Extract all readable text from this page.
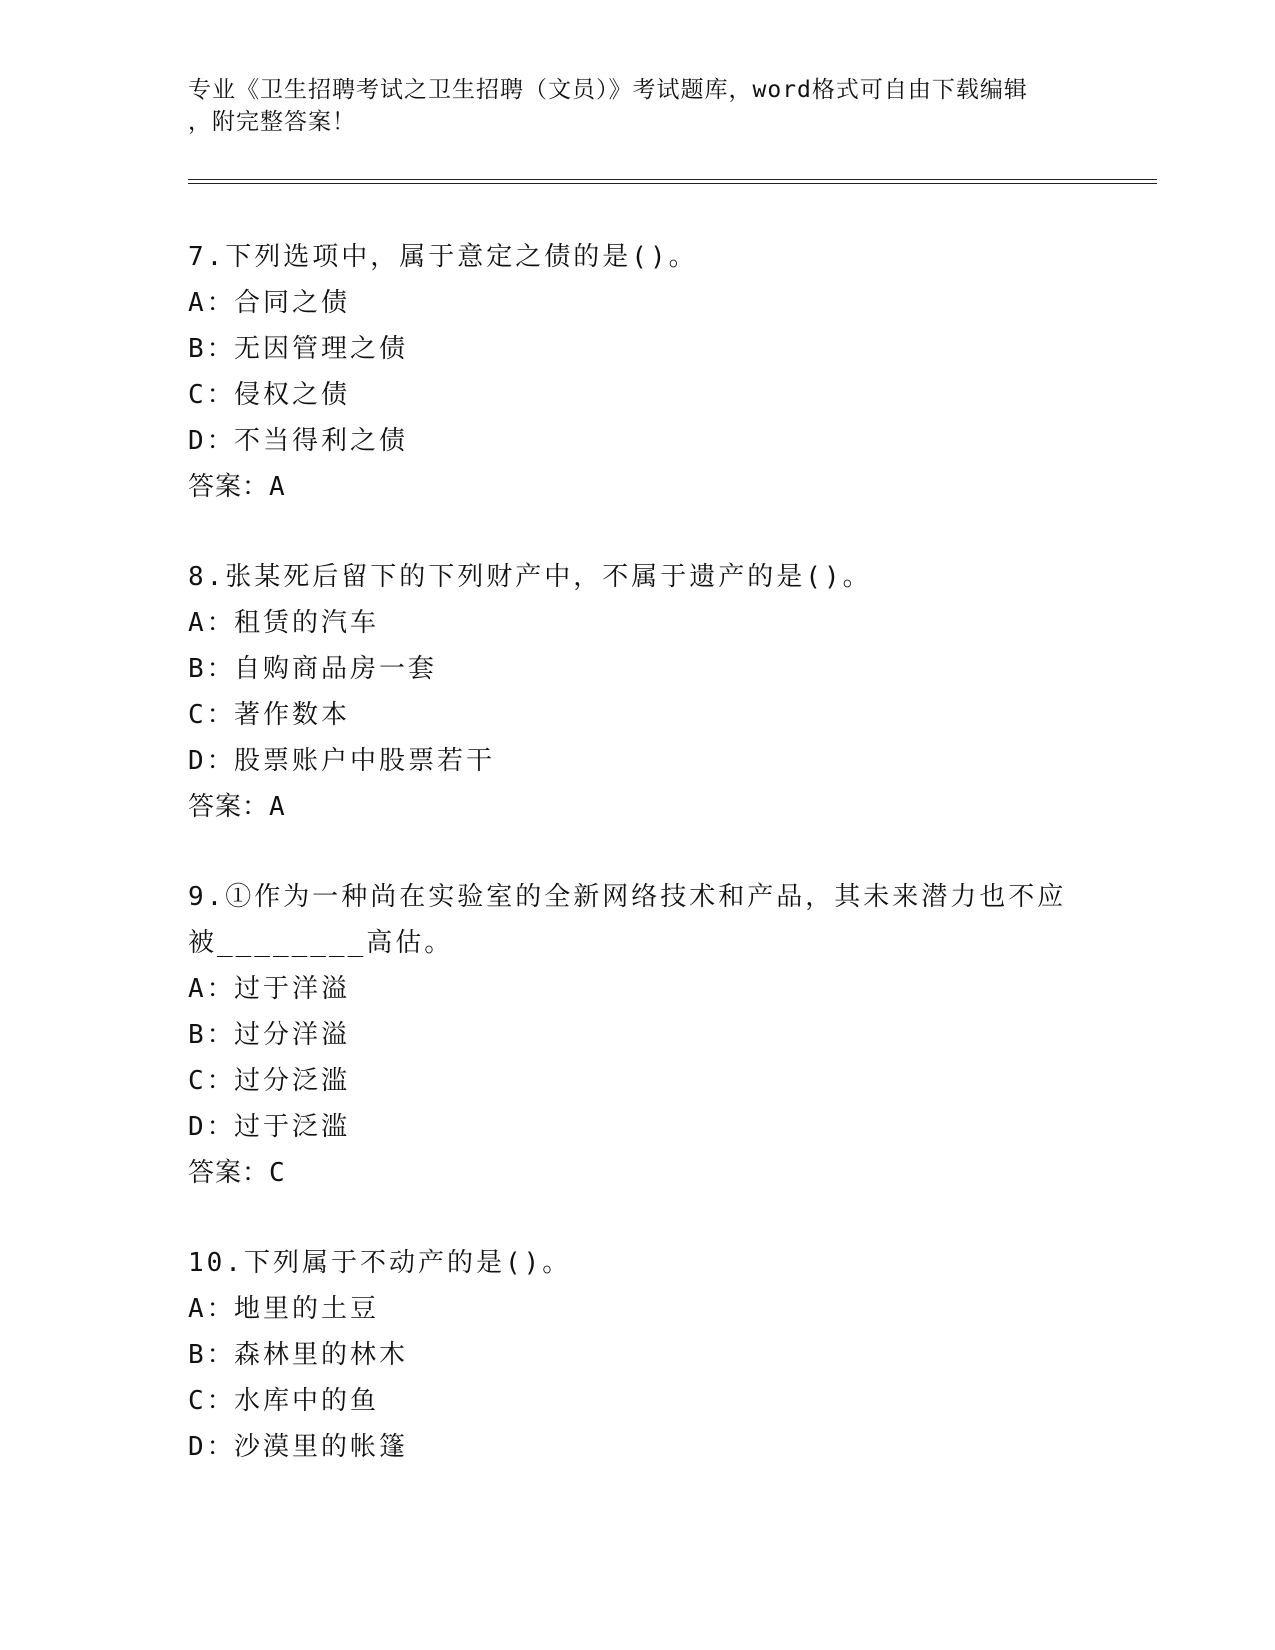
专业《卫生招聘考试之卫生招聘（文员）》考试题库，word格式可自由下载编辑
，附完整答案！

7.下列选项中，属于意定之债的是()。

A：合同之债

B：无因管理之债

C：侵权之债

D：不当得利之债

答案：A

8.张某死后留下的下列财产中，不属于遗产的是()。

A：租赁的汽车

B：自购商品房一套

C：著作数本

D：股票账户中股票若干

答案：A

9.①作为一种尚在实验室的全新网络技术和产品，其未来潜力也不应被________高估。

A：过于洋溢

B：过分洋溢

C：过分泛滥

D：过于泛滥

答案：C

10.下列属于不动产的是()。

A：地里的土豆

B：森林里的林木

C：水库中的鱼

D：沙漠里的帐篷
